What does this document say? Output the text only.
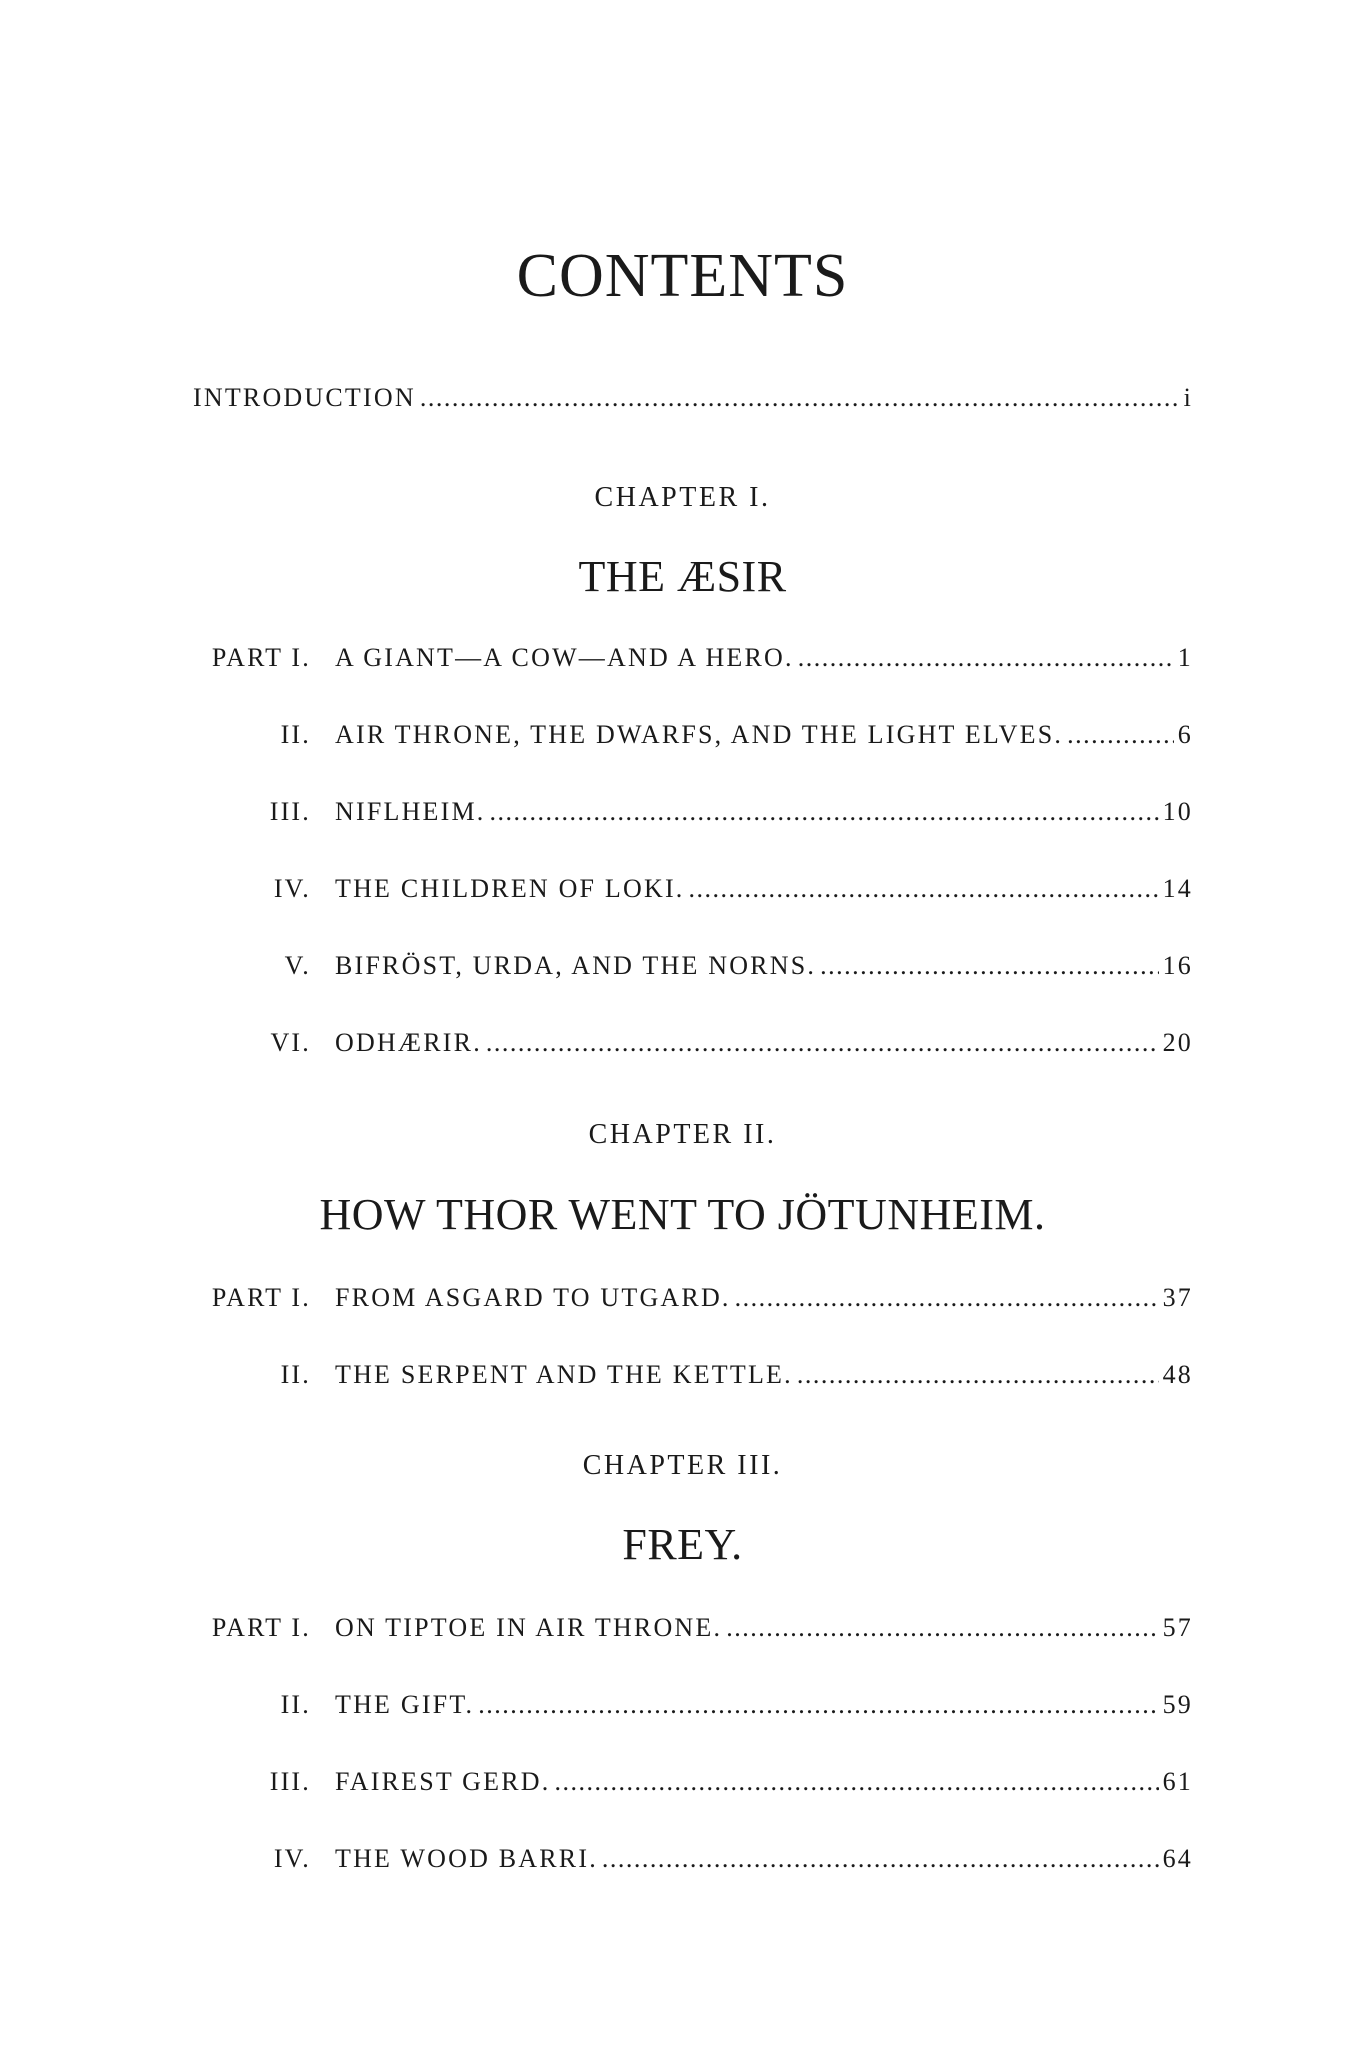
CONTENTS
INTRODUCTION .....	i
CHAPTER I.
THE ÆSIR
PART I. A GIANT—A COW—AND A HERO. .....	1
II. AIR THRONE, THE DWARFS, AND THE LIGHT ELVES. .....	6
III. NIFLHEIM. .....	10
IV. THE CHILDREN OF LOKI. .....	14
V. BIFRÖST, URDA, AND THE NORNS. .....	16
VI. ODHÆRIR. .....	20
CHAPTER II.
HOW THOR WENT TO JÖTUNHEIM.
PART I. FROM ASGARD TO UTGARD. .....	37
II. THE SERPENT AND THE KETTLE. .....	48
CHAPTER III.
FREY.
PART I. ON TIPTOE IN AIR THRONE. .....	57
II. THE GIFT. .....	59
III. FAIREST GERD. .....	61
IV. THE WOOD BARRI. .....	64
